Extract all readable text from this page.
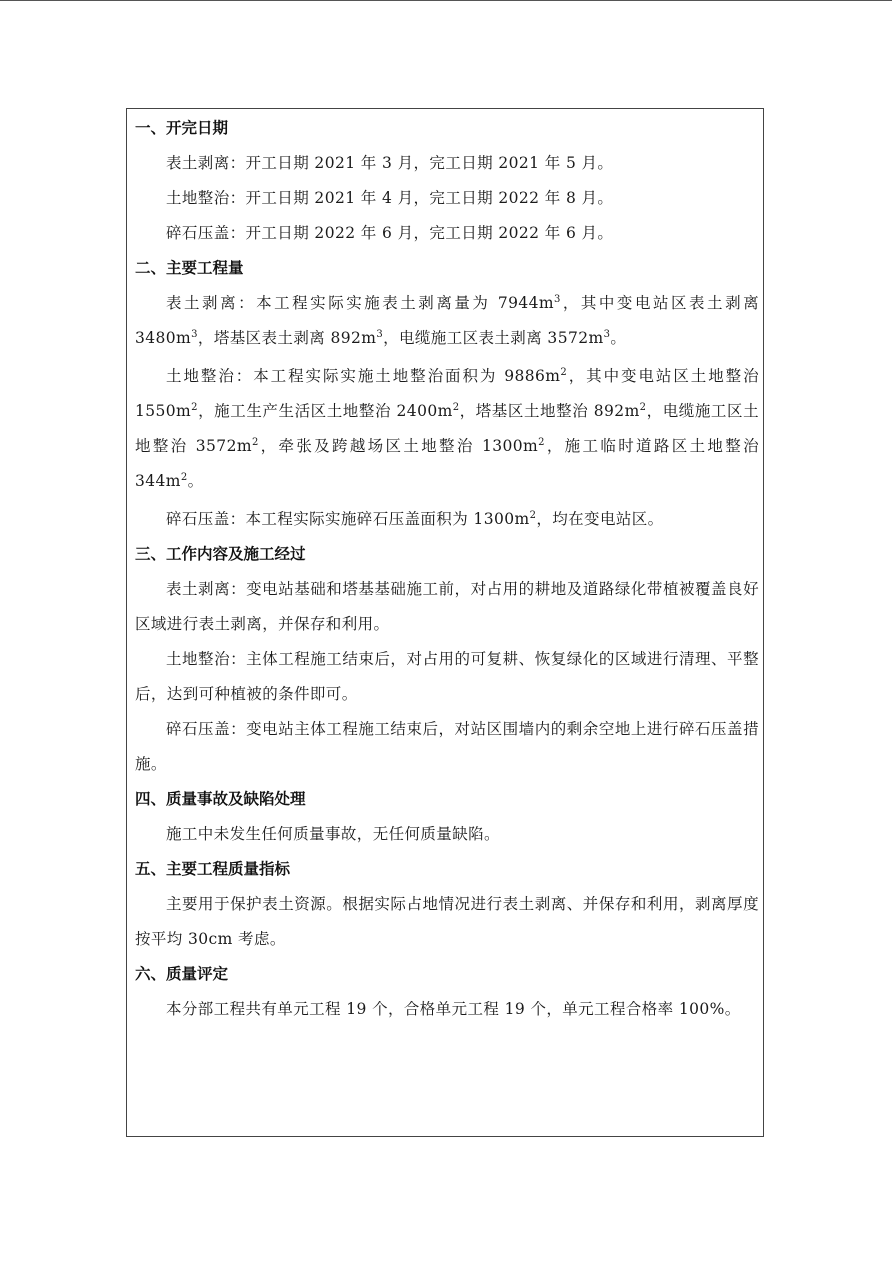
一、开完日期

表土剥离：开工日期 2021 年 3 月，完工日期 2021 年 5 月。

土地整治：开工日期 2021 年 4 月，完工日期 2022 年 8 月。

碎石压盖：开工日期 2022 年 6 月，完工日期 2022 年 6 月。

二、主要工程量

表土剥离：本工程实际实施表土剥离量为 $7944m^3$，其中变电站区表土剥离 $3480m^3$，塔基区表土剥离 $892m^3$，电缆施工区表土剥离 $3572m^3$。

土地整治：本工程实际实施土地整治面积为 $9886m^2$，其中变电站区土地整治 $1550m^2$，施工生产生活区土地整治 $2400m^2$，塔基区土地整治 $892m^2$，电缆施工区土地整治 $3572m^2$，牵张及跨越场区土地整治 $1300m^2$，施工临时道路区土地整治 $344m^2$。

碎石压盖：本工程实际实施碎石压盖面积为 $1300m^2$，均在变电站区。

三、工作内容及施工经过

表土剥离：变电站基础和塔基基础施工前，对占用的耕地及道路绿化带植被覆盖良好区域进行表土剥离，并保存和利用。

土地整治：主体工程施工结束后，对占用的可复耕、恢复绿化的区域进行清理、平整后，达到可种植被的条件即可。

碎石压盖：变电站主体工程施工结束后，对站区围墙内的剩余空地上进行碎石压盖措施。

四、质量事故及缺陷处理

施工中未发生任何质量事故，无任何质量缺陷。

五、主要工程质量指标

主要用于保护表土资源。根据实际占地情况进行表土剥离、并保存和利用，剥离厚度按平均 30cm 考虑。

六、质量评定

本分部工程共有单元工程 19 个，合格单元工程 19 个，单元工程合格率 100%。
